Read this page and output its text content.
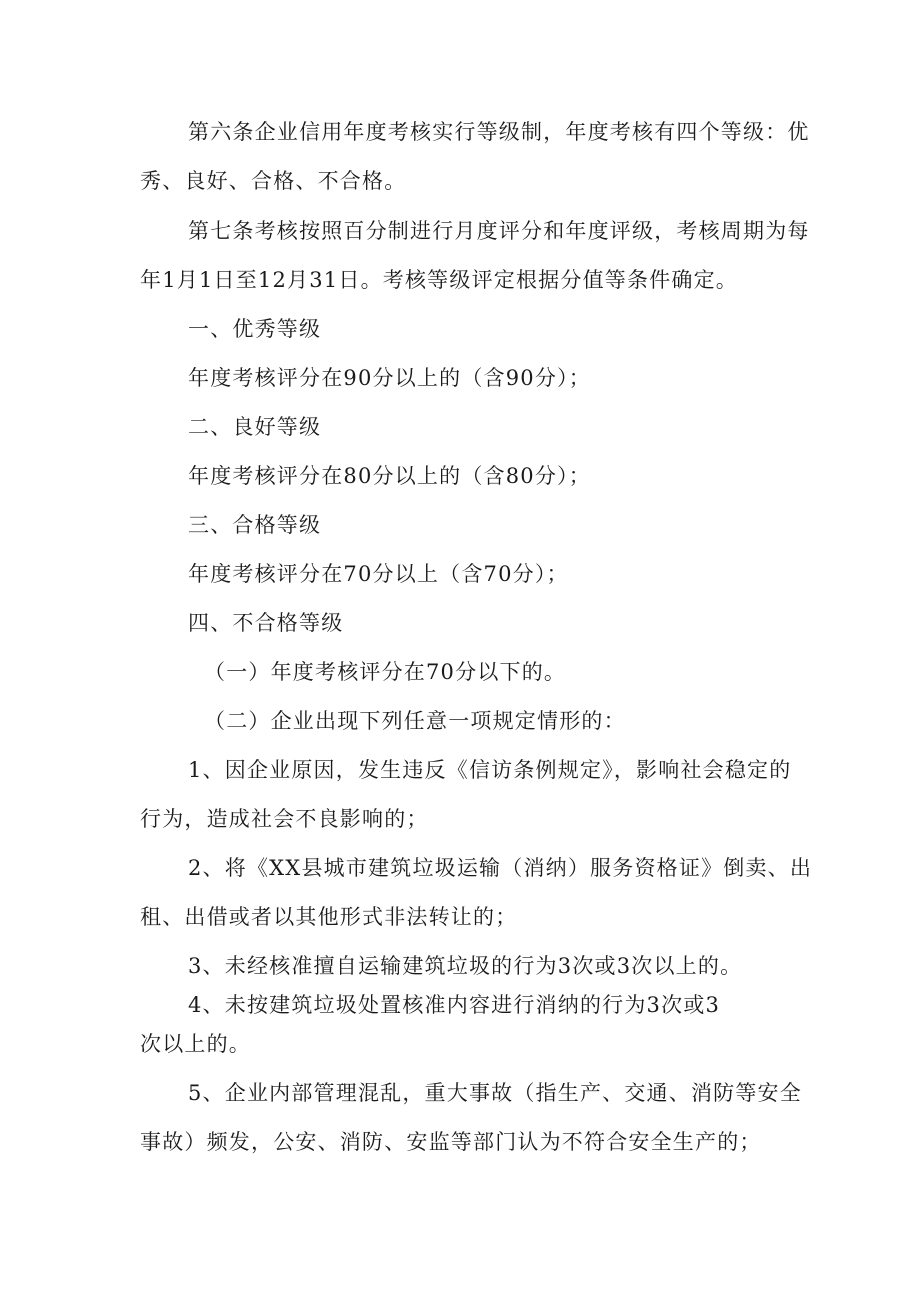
第六条企业信用年度考核实行等级制，年度考核有四个等级：优
秀、良好、合格、不合格。
第七条考核按照百分制进行月度评分和年度评级，考核周期为每
年1月1日至12月31日。考核等级评定根据分值等条件确定。
一、优秀等级
年度考核评分在90分以上的（含90分）；
二、良好等级
年度考核评分在80分以上的（含80分）；
三、合格等级
年度考核评分在70分以上（含70分）；
四、不合格等级
（一）年度考核评分在70分以下的。
（二）企业出现下列任意一项规定情形的：
1、因企业原因，发生违反《信访条例规定》，影响社会稳定的
行为，造成社会不良影响的；
2、将《XX县城市建筑垃圾运输（消纳）服务资格证》倒卖、出
租、出借或者以其他形式非法转让的；
3、未经核准擅自运输建筑垃圾的行为3次或3次以上的。
4、未按建筑垃圾处置核准内容进行消纳的行为3次或3
次以上的。
5、企业内部管理混乱，重大事故（指生产、交通、消防等安全
事故）频发，公安、消防、安监等部门认为不符合安全生产的；
